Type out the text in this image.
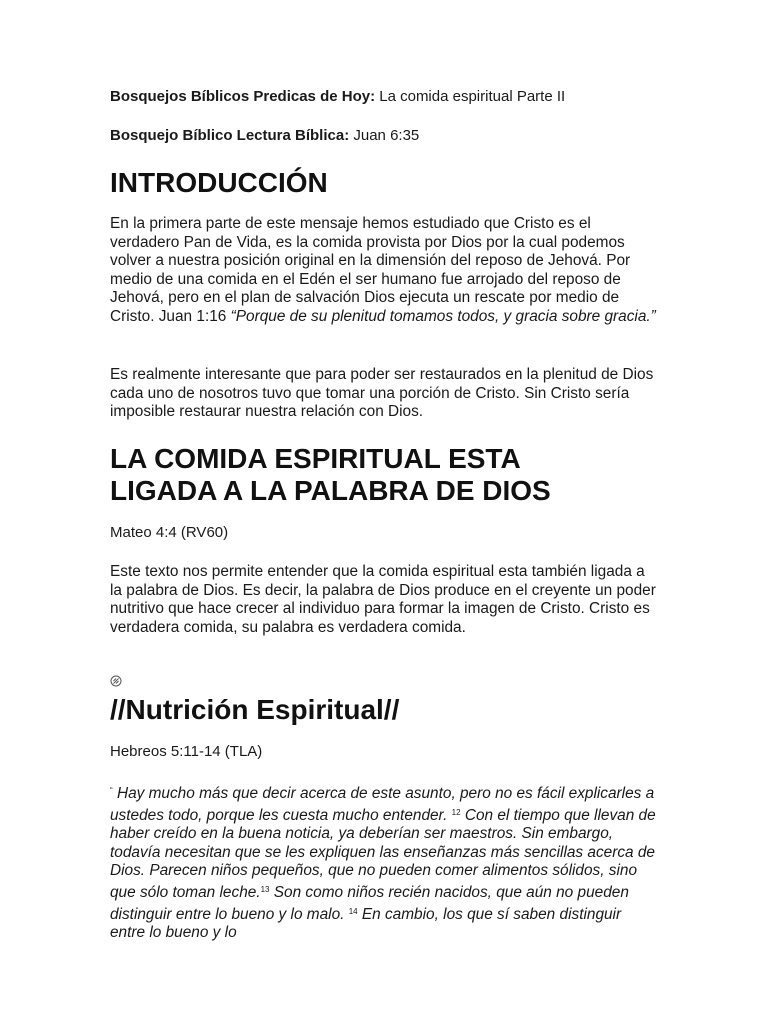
Bosquejos Bíblicos Predicas de Hoy: La comida espiritual Parte II
Bosquejo Bíblico Lectura Bíblica: Juan 6:35
INTRODUCCIÓN

En la primera parte de este mensaje hemos estudiado que Cristo es el verdadero Pan de Vida, es la comida provista por Dios por la cual podemos volver a nuestra posición original en la dimensión del reposo de Jehová. Por medio de una comida en el Edén el ser humano fue arrojado del reposo de Jehová, pero en el plan de salvación Dios ejecuta un rescate por medio de Cristo. Juan 1:16 “Porque de su plenitud tomamos todos, y gracia sobre gracia.”

Es realmente interesante que para poder ser restaurados en la plenitud de Dios cada uno de nosotros tuvo que tomar una porción de Cristo. Sin Cristo sería imposible restaurar nuestra relación con Dios.

LA COMIDA ESPIRITUAL ESTA LIGADA A LA PALABRA DE DIOS
Mateo 4:4 (RV60)

Este texto nos permite entender que la comida espiritual esta también ligada a la palabra de Dios. Es decir, la palabra de Dios produce en el creyente un poder nutritivo que hace crecer al individuo para formar la imagen de Cristo. Cristo es verdadera comida, su palabra es verdadera comida.

//Nutrición Espiritual//
Hebreos 5:11-14 (TLA)

“ Hay mucho más que decir acerca de este asunto, pero no es fácil explicarles a ustedes todo, porque les cuesta mucho entender. $^{12}$ Con el tiempo que llevan de haber creído en la buena noticia, ya deberían ser maestros. Sin embargo, todavía necesitan que se les expliquen las enseñanzas más sencillas acerca de Dios. Parecen niños pequeños, que no pueden comer alimentos sólidos, sino que sólo toman leche.$^{13}$ Son como niños recién nacidos, que aún no pueden distinguir entre lo bueno y lo malo. $^{14}$ En cambio, los que sí saben distinguir entre lo bueno y lo
